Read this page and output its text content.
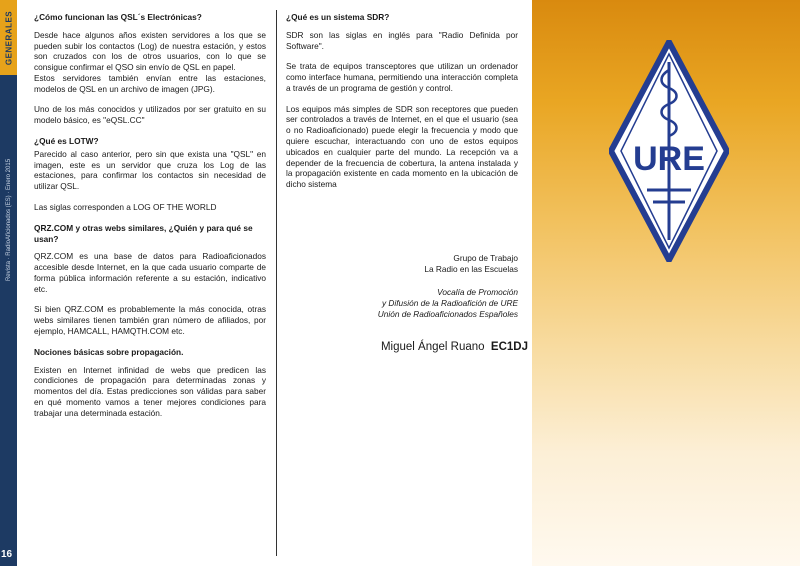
GENERALES
Revista · RadioAficionados (ES) · Enero 2015
16
¿Cómo funcionan las QSL´s Electrónicas?

Desde hace algunos años existen servidores a los que se pueden subir los contactos (Log) de nuestra estación, y estos son cruzados con los de otros usuarios, con lo que se consigue confirmar el QSO sin envío de QSL en papel.

Estos servidores también envían entre las estaciones, modelos de QSL en un archivo de imagen (JPG).

Uno de los más conocidos y utilizados por ser gratuito en su modelo básico, es "eQSL.CC"

¿Qué es LOTW?

Parecido al caso anterior, pero sin que exista una "QSL" en imagen, este es un servidor que cruza los Log de las estaciones, para confirmar los contactos sin necesidad de utilizar QSL.

Las siglas corresponden a LOG OF THE WORLD

QRZ.COM y otras webs similares, ¿Quién y para qué se usan?

QRZ.COM es una base de datos para Radioaficionados accesible desde Internet, en la que cada usuario comparte de forma pública información referente a su estación, indicativo etc.

Si bien QRZ.COM es probablemente la más conocida, otras webs similares tienen también gran número de afiliados, por ejemplo, HAMCALL, HAMQTH.COM etc.

Nociones básicas sobre propagación.

Existen en Internet infinidad de webs que predicen las condiciones de propagación para determinadas zonas y momentos del día. Estas predicciones son válidas para saber en qué momento vamos a tener mejores condiciones para trabajar una determinada estación.

¿Qué es un sistema SDR?

SDR son las siglas en inglés para "Radio Definida por Software".

Se trata de equipos transceptores que utilizan un ordenador como interface humana, permitiendo una interacción completa a través de un programa de gestión y control.

Los equipos más simples de SDR son receptores que pueden ser controlados a través de Internet, en el que el usuario (sea o no Radioaficionado) puede elegir la frecuencia y modo que quiere escuchar, interactuando con uno de estos equipos ubicados en cualquier parte del mundo. La recepción va a depender de la frecuencia de cobertura, la antena instalada y la propagación existente en cada momento en la ubicación de dicho sistema

Grupo de Trabajo
La Radio en las Escuelas
Vocalía de Promoción
y Difusión de la Radioafición de URE
Unión de Radioaficionados Españoles
Miguel Ángel Ruano EC1DJ
URE
